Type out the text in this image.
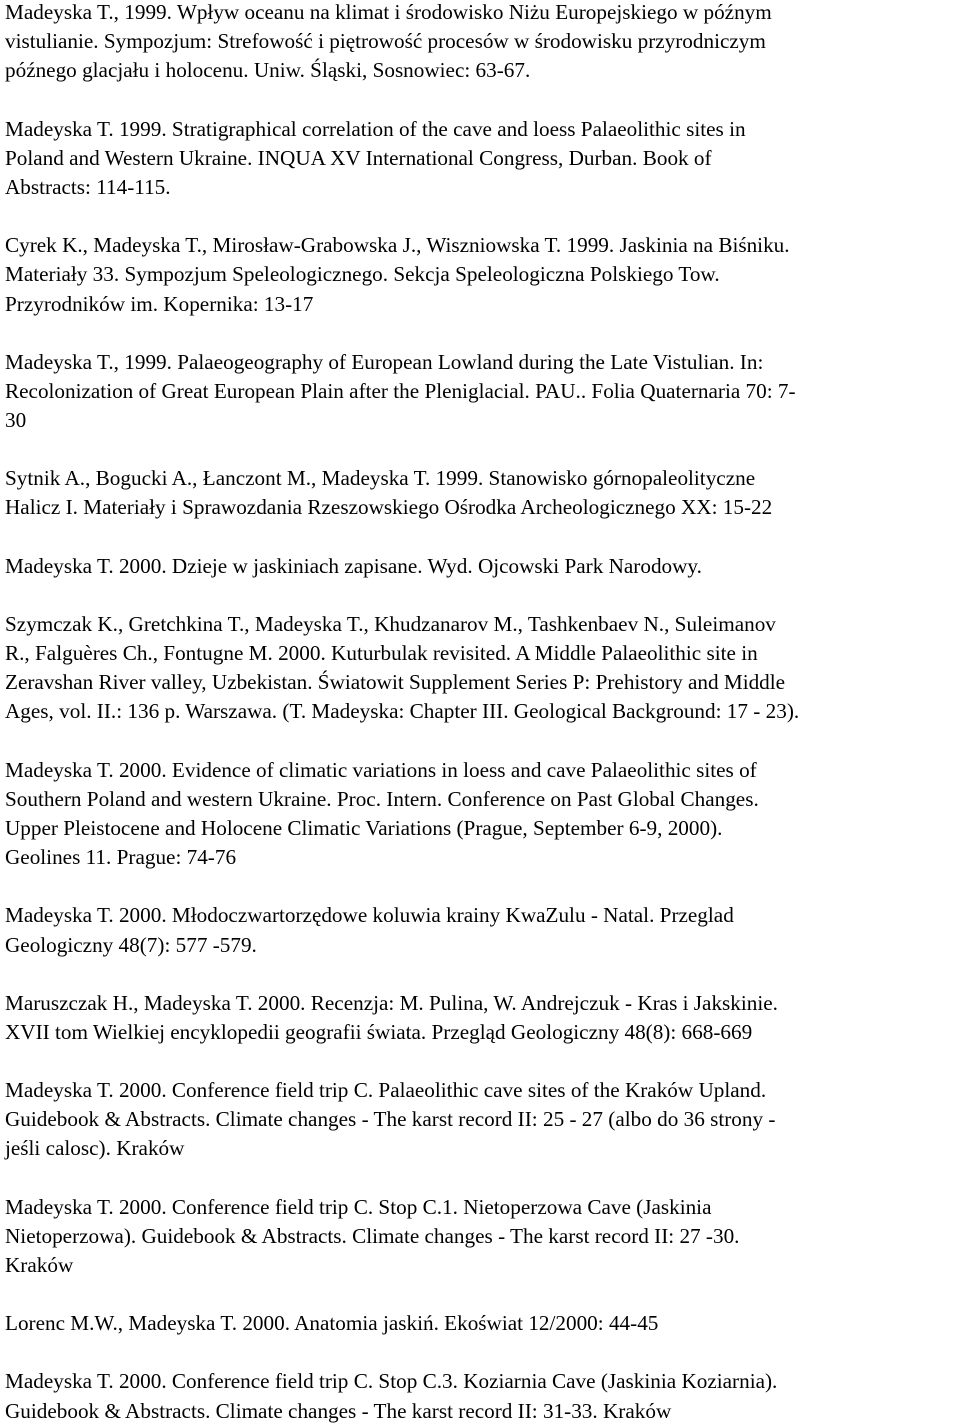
Madeyska T., 1999. Wpływ oceanu na klimat i środowisko Niżu Europejskiego w późnym
vistulianie. Sympozjum: Strefowość i piętrowość procesów w środowisku przyrodniczym
późnego glacjału i holocenu. Uniw. Śląski, Sosnowiec: 63-67.
Madeyska T. 1999. Stratigraphical correlation of the cave and loess Palaeolithic sites in
Poland and Western Ukraine. INQUA XV International Congress, Durban. Book of
Abstracts: 114-115.
Cyrek K., Madeyska T., Mirosław-Grabowska J., Wiszniowska T. 1999. Jaskinia na Biśniku.
Materiały 33. Sympozjum Speleologicznego. Sekcja Speleologiczna Polskiego Tow.
Przyrodników im. Kopernika: 13-17
Madeyska T., 1999. Palaeogeography of European Lowland during the Late Vistulian. In:
Recolonization of Great European Plain after the Pleniglacial. PAU.. Folia Quaternaria 70: 7-
30
Sytnik A., Bogucki A., Łanczont M., Madeyska T. 1999. Stanowisko górnopaleolityczne
Halicz I. Materiały i Sprawozdania Rzeszowskiego Ośrodka Archeologicznego XX: 15-22
Madeyska T. 2000. Dzieje w jaskiniach zapisane. Wyd. Ojcowski Park Narodowy.
Szymczak K., Gretchkina T., Madeyska T., Khudzanarov M., Tashkenbaev N., Suleimanov
R., Falguères Ch., Fontugne M. 2000. Kuturbulak revisited. A Middle Palaeolithic site in
Zeravshan River valley, Uzbekistan. Światowit Supplement Series P: Prehistory and Middle
Ages, vol. II.: 136 p. Warszawa. (T. Madeyska: Chapter III. Geological Background: 17 - 23).
Madeyska T. 2000. Evidence of climatic variations in loess and cave Palaeolithic sites of
Southern Poland and western Ukraine. Proc. Intern. Conference on Past Global Changes.
Upper Pleistocene and Holocene Climatic Variations (Prague, September 6-9, 2000).
Geolines 11. Prague: 74-76
Madeyska T. 2000. Młodoczwartorzędowe koluwia krainy KwaZulu - Natal. Przeglad
Geologiczny 48(7): 577 -579.
Maruszczak H., Madeyska T. 2000. Recenzja: M. Pulina, W. Andrejczuk - Kras i Jakskinie.
XVII tom Wielkiej encyklopedii geografii świata. Przegląd Geologiczny 48(8): 668-669
Madeyska T. 2000. Conference field trip C. Palaeolithic cave sites of the Kraków Upland.
Guidebook & Abstracts. Climate changes - The karst record II: 25 - 27 (albo do 36 strony -
jeśli calosc). Kraków
Madeyska T. 2000. Conference field trip C. Stop C.1. Nietoperzowa Cave (Jaskinia
Nietoperzowa). Guidebook & Abstracts. Climate changes - The karst record II: 27 -30.
Kraków
Lorenc M.W., Madeyska T. 2000. Anatomia jaskiń. Ekoświat 12/2000: 44-45
Madeyska T. 2000. Conference field trip C. Stop C.3. Koziarnia Cave (Jaskinia Koziarnia).
Guidebook & Abstracts. Climate changes - The karst record II: 31-33. Kraków
